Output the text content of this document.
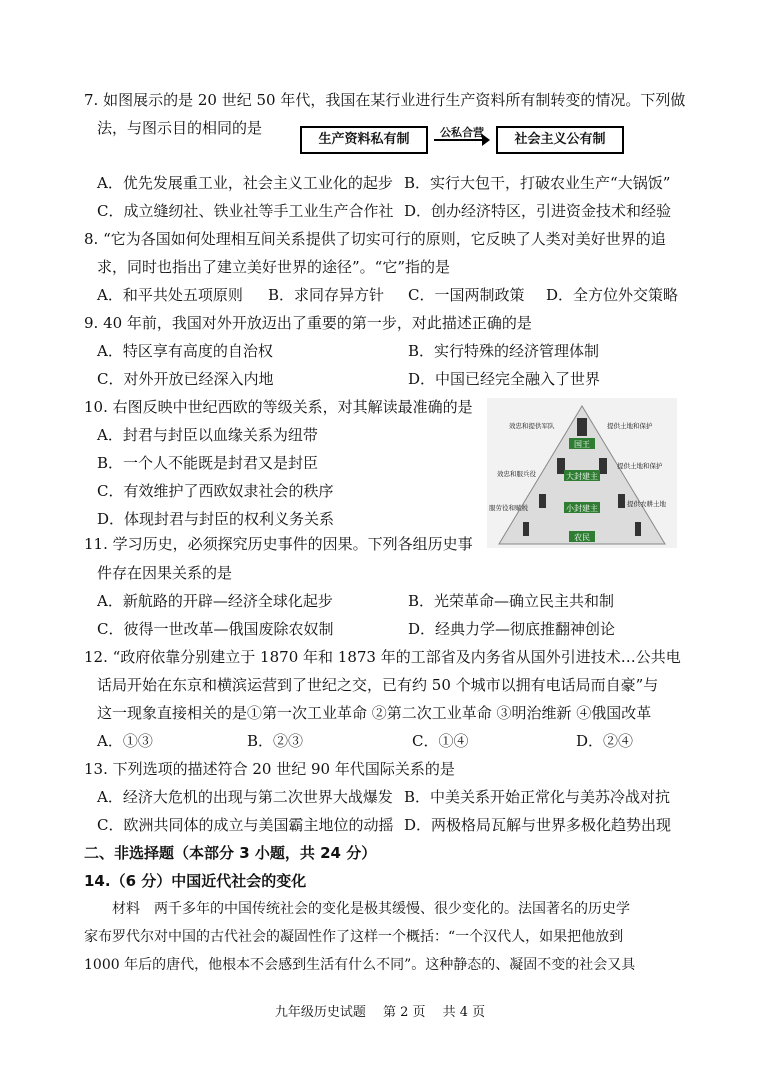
7. 如图展示的是 20 世纪 50 年代，我国在某行业进行生产资料所有制转变的情况。下列做
法，与图示目的相同的是
生产资料私有制	公私合营	社会主义公有制
A．优先发展重工业，社会主义工业化的起步 B．实行大包干，打破农业生产“大锅饭”
C．成立缝纫社、铁业社等手工业生产合作社 D．创办经济特区，引进资金技术和经验
8. “它为各国如何处理相互间关系提供了切实可行的原则，它反映了人类对美好世界的追
求，同时也指出了建立美好世界的途径”。“它”指的是
A．和平共处五项原则 B．求同存异方针 C．一国两制政策 D．全方位外交策略
9. 40 年前，我国对外开放迈出了重要的第一步，对此描述正确的是
A．特区享有高度的自治权	B．实行特殊的经济管理体制
C．对外开放已经深入内地	D．中国已经完全融入了世界
10. 右图反映中世纪西欧的等级关系，对其解读最准确的是
A．封君与封臣以血缘关系为纽带
B．一个人不能既是封君又是封臣
C．有效维护了西欧奴隶社会的秩序
D．体现封君与封臣的权利义务关系
国王
大封建主
小封建主
农民
效忠和提供军队
效忠和服兵役
服劳役和赋税
提供土地和保护
提供土地和保护
提供农耕土地
11. 学习历史，必须探究历史事件的因果。下列各组历史事
件存在因果关系的是
A．新航路的开辟—经济全球化起步	B．光荣革命—确立民主共和制
C．彼得一世改革—俄国废除农奴制	D．经典力学—彻底推翻神创论
12. “政府依靠分别建立于 1870 年和 1873 年的工部省及内务省从国外引进技术…公共电
话局开始在东京和横滨运营到了世纪之交，已有约 50 个城市以拥有电话局而自豪”与
这一现象直接相关的是①第一次工业革命 ②第二次工业革命 ③明治维新 ④俄国改革
A．①③	B．②③	C．①④	D．②④
13. 下列选项的描述符合 20 世纪 90 年代国际关系的是
A．经济大危机的出现与第二次世界大战爆发 B．中美关系开始正常化与美苏冷战对抗
C．欧洲共同体的成立与美国霸主地位的动摇 D．两极格局瓦解与世界多极化趋势出现
二、非选择题（本部分 3 小题，共 24 分）
14.（6 分）中国近代社会的变化
材料　两千多年的中国传统社会的变化是极其缓慢、很少变化的。法国著名的历史学
家布罗代尔对中国的古代社会的凝固性作了这样一个概括：“一个汉代人，如果把他放到
1000 年后的唐代，他根本不会感到生活有什么不同”。这种静态的、凝固不变的社会又具
九年级历史试题　 第 2 页　 共 4 页
